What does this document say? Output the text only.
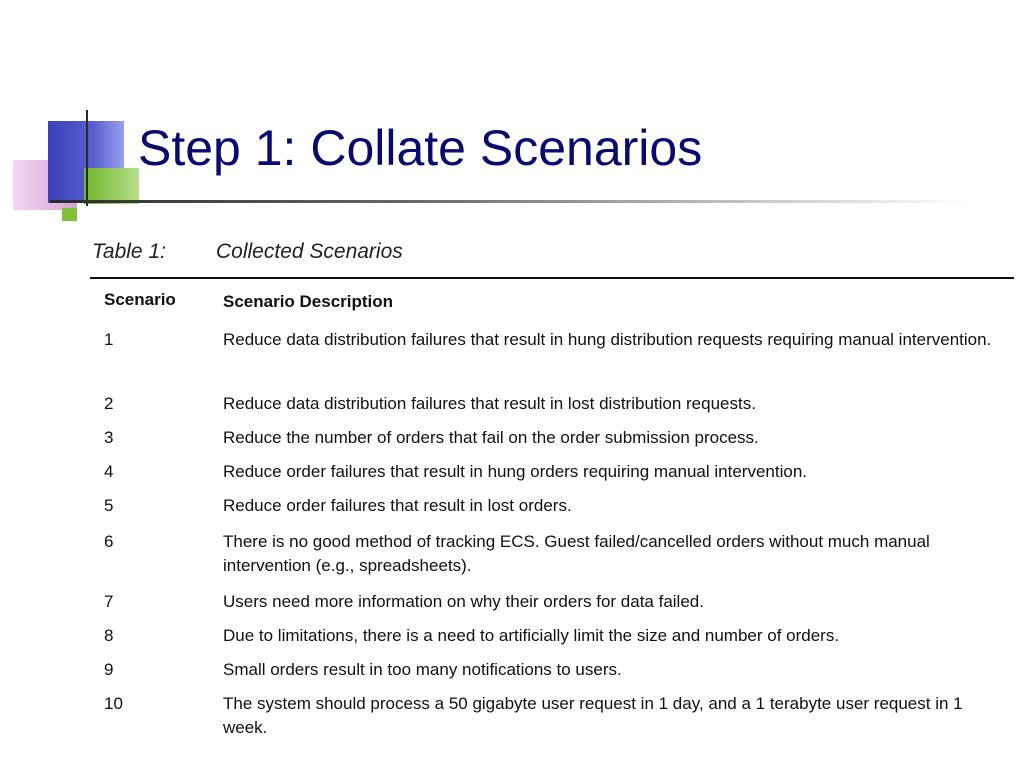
Step 1: Collate Scenarios
Table 1: Collected Scenarios
Scenario	Scenario Description
1	Reduce data distribution failures that result in hung distribution requests requiring manual intervention.
2	Reduce data distribution failures that result in lost distribution requests.
3	Reduce the number of orders that fail on the order submission process.
4	Reduce order failures that result in hung orders requiring manual intervention.
5	Reduce order failures that result in lost orders.
6	There is no good method of tracking ECS. Guest failed/cancelled orders without much manual intervention (e.g., spreadsheets).
7	Users need more information on why their orders for data failed.
8	Due to limitations, there is a need to artificially limit the size and number of orders.
9	Small orders result in too many notifications to users.
10	The system should process a 50 gigabyte user request in 1 day, and a 1 terabyte user request in 1 week.
